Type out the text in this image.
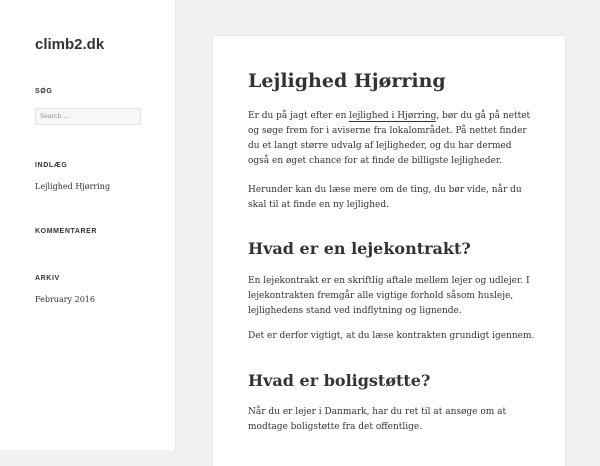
climb2.dk
SØG
Search …
INDLÆG
Lejlighed Hjørring
KOMMENTARER
ARKIV
February 2016
Lejlighed Hjørring

Er du på jagt efter en lejlighed i Hjørring, bør du gå på nettet og søge frem for i aviserne fra lokalområdet. På nettet finder du et langt større udvalg af lejligheder, og du har dermed også en øget chance for at finde de billigste lejligheder.

Herunder kan du læse mere om de ting, du bør vide, når du skal til at finde en ny lejlighed.

Hvad er en lejekontrakt?

En lejekontrakt er en skriftlig aftale mellem lejer og udlejer. I lejekontrakten fremgår alle vigtige forhold såsom husleje, lejlighedens stand ved indflytning og lignende.

Det er derfor vigtigt, at du læse kontrakten grundigt igennem.

Hvad er boligstøtte?

Når du er lejer i Danmark, har du ret til at ansøge om at modtage boligstøtte fra det offentlige.
